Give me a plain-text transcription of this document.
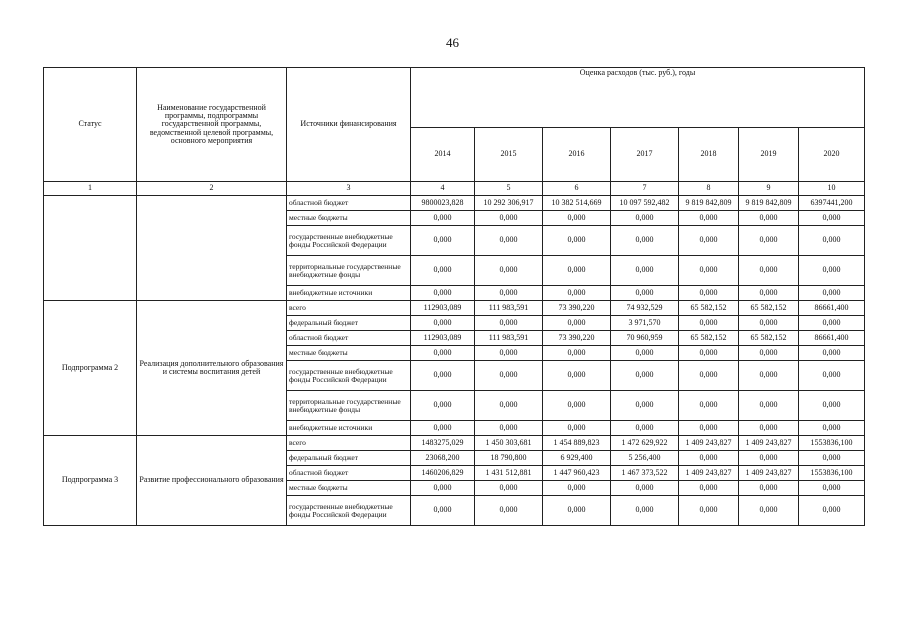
46
Статус	Наименование государственной программы, подпрограммы государственной программы, ведомственной целевой программы, основного мероприятия	Источники финансирования	Оценка расходов (тыс. руб.), годы						
			2014	2015	2016	2017	2018	2019	2020
1	2	3	4	5	6	7	8	9	10
		областной бюджет	9800023,828	10 292 306,917	10 382 514,669	10 097 592,482	9 819 842,809	9 819 842,809	6397441,200
		местные бюджеты	0,000	0,000	0,000	0,000	0,000	0,000	0,000
		государственные внебюджетные фонды Российской Федерации	0,000	0,000	0,000	0,000	0,000	0,000	0,000
		территориальные государственные внебюджетные фонды	0,000	0,000	0,000	0,000	0,000	0,000	0,000
		внебюджетные источники	0,000	0,000	0,000	0,000	0,000	0,000	0,000
Подпрограмма 2	Реализация дополнительного образования и системы воспитания детей	всего	112903,089	111 983,591	73 390,220	74 932,529	65 582,152	65 582,152	86661,400
		федеральный бюджет	0,000	0,000	0,000	3 971,570	0,000	0,000	0,000
		областной бюджет	112903,089	111 983,591	73 390,220	70 960,959	65 582,152	65 582,152	86661,400
		местные бюджеты	0,000	0,000	0,000	0,000	0,000	0,000	0,000
		государственные внебюджетные фонды Российской Федерации	0,000	0,000	0,000	0,000	0,000	0,000	0,000
		территориальные государственные внебюджетные фонды	0,000	0,000	0,000	0,000	0,000	0,000	0,000
		внебюджетные источники	0,000	0,000	0,000	0,000	0,000	0,000	0,000
Подпрограмма 3	Развитие профессионального образования	всего	1483275,029	1 450 303,681	1 454 889,823	1 472 629,922	1 409 243,827	1 409 243,827	1553836,100
		федеральный бюджет	23068,200	18 790,800	6 929,400	5 256,400	0,000	0,000	0,000
		областной бюджет	1460206,829	1 431 512,881	1 447 960,423	1 467 373,522	1 409 243,827	1 409 243,827	1553836,100
		местные бюджеты	0,000	0,000	0,000	0,000	0,000	0,000	0,000
		государственные внебюджетные фонды Российской Федерации	0,000	0,000	0,000	0,000	0,000	0,000	0,000
